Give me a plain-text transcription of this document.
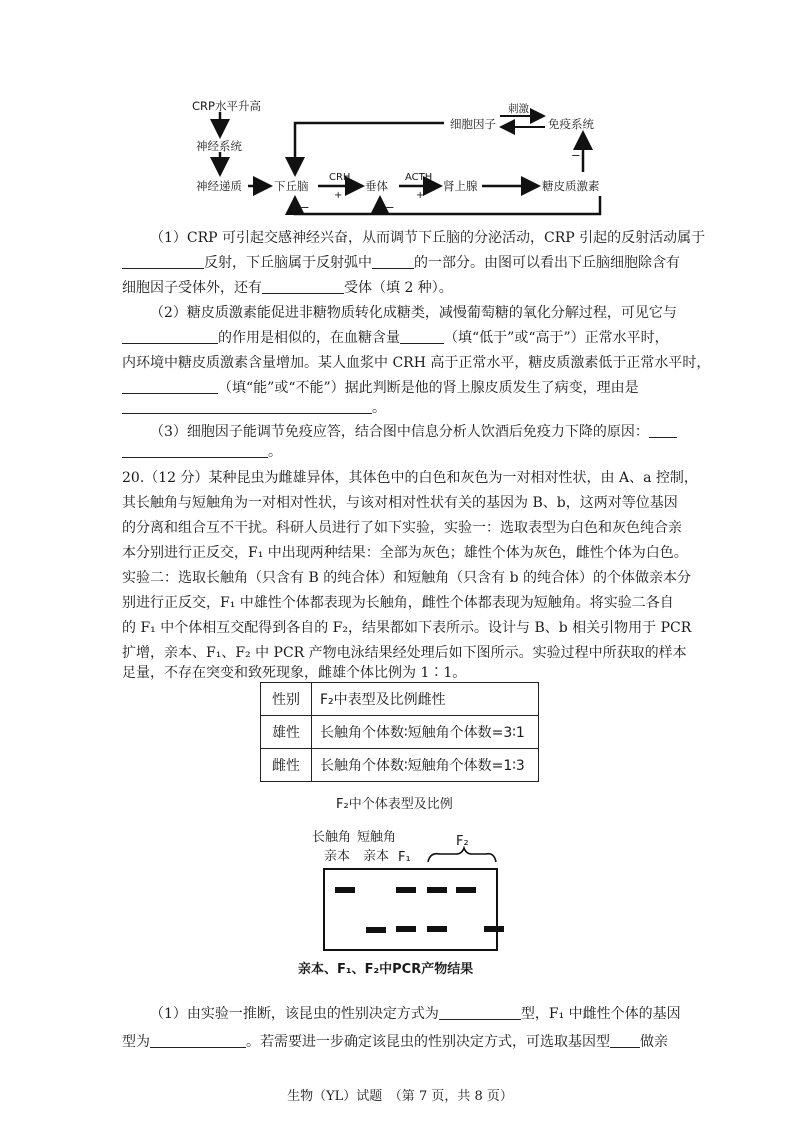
CRP水平升高
神经系统
神经递质	下丘脑
CRH
+
垂体
ACTH
+
肾上腺	糖皮质激素
细胞因子	免疫系统
刺激
−
−	−
（1）CRP 可引起交感神经兴奋，从而调节下丘脑的分泌活动，CRP 引起的反射活动属于
反射，下丘脑属于反射弧中	的一部分。由图可以看出下丘脑细胞除含有
细胞因子受体外，还有	受体（填 2 种）。
（2）糖皮质激素能促进非糖物质转化成糖类，减慢葡萄糖的氧化分解过程，可见它与
的作用是相似的，在血糖含量	（填“低于”或“高于”）正常水平时，
内环境中糖皮质激素含量增加。某人血浆中 CRH 高于正常水平，糖皮质激素低于正常水平时，
（填“能”或“不能”）据此判断是他的肾上腺皮质发生了病变，理由是
。
（3）细胞因子能调节免疫应答，结合图中信息分析人饮酒后免疫力下降的原因：
。
20.（12 分）某种昆虫为雌雄异体，其体色中的白色和灰色为一对相对性状，由 A、a 控制，
其长触角与短触角为一对相对性状，与该对相对性状有关的基因为 B、b，这两对等位基因
的分离和组合互不干扰。科研人员进行了如下实验，实验一：选取表型为白色和灰色纯合亲
本分别进行正反交，F₁ 中出现两种结果：全部为灰色；雄性个体为灰色，雌性个体为白色。
实验二：选取长触角（只含有 B 的纯合体）和短触角（只含有 b 的纯合体）的个体做亲本分
别进行正反交，F₁ 中雄性个体都表现为长触角，雌性个体都表现为短触角。将实验二各自
的 F₁ 中个体相互交配得到各自的 F₂，结果都如下表所示。设计与 B、b 相关引物用于 PCR
扩增，亲本、F₁、F₂ 中 PCR 产物电泳结果经处理后如下图所示。实验过程中所获取的样本
足量，不存在突变和致死现象，雌雄个体比例为 1∶1。
性别	F₂中表型及比例雌性
雄性	长触角个体数∶短触角个体数=3∶1
雌性	长触角个体数∶短触角个体数=1∶3
F₂中个体表型及比例
长触角 短触角
亲本 亲本 F₁
F₂
亲本、F₁、F₂中PCR产物结果
（1）由实验一推断，该昆虫的性别决定方式为	型，F₁ 中雌性个体的基因
型为	。若需要进一步确定该昆虫的性别决定方式，可选取基因型 做亲
生物（YL）试题　（第 7 页，共 8 页）
